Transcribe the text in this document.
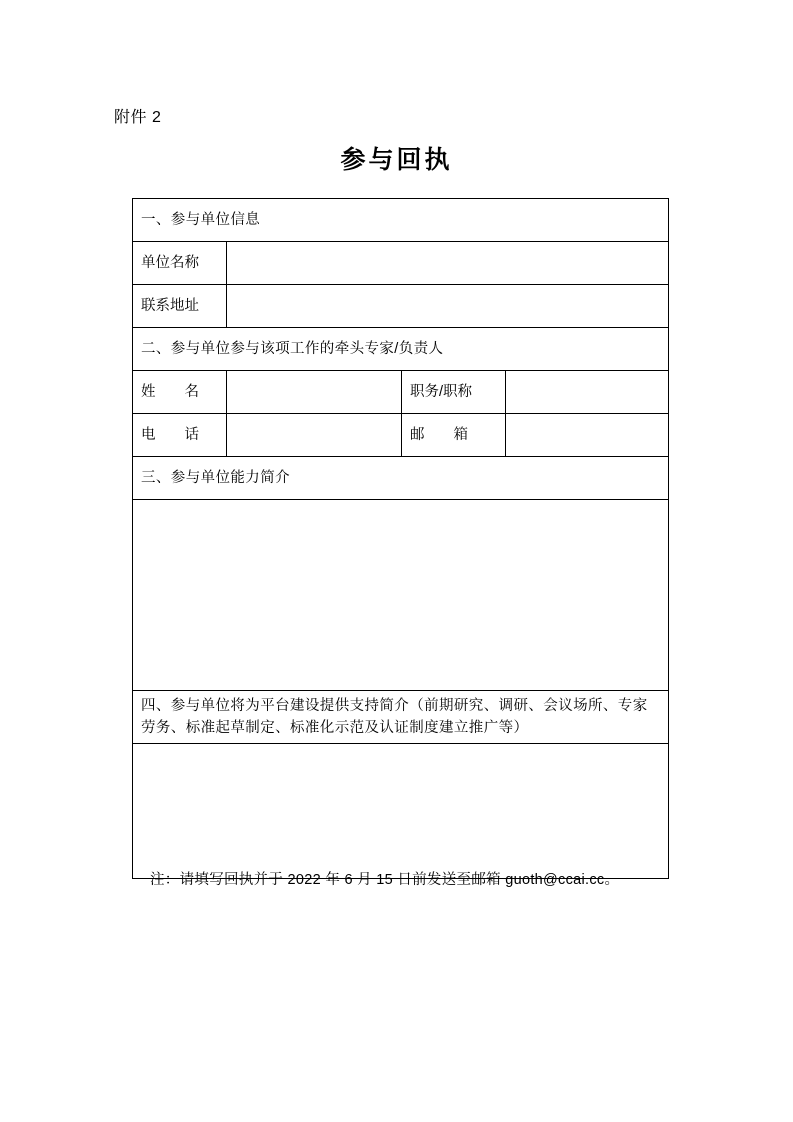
附件 2
参与回执
一、参与单位信息			
单位名称			
联系地址			
二、参与单位参与该项工作的牵头专家/负责人			
姓　　名		职务/职称	
电　　话		邮　　箱	
三、参与单位能力简介			

四、参与单位将为平台建设提供支持简介（前期研究、调研、会议场所、专家劳务、标准起草制定、标准化示范及认证制度建立推广等）			

注：请填写回执并于 2022 年 6 月 15 日前发送至邮箱 guoth@ccai.cc。
